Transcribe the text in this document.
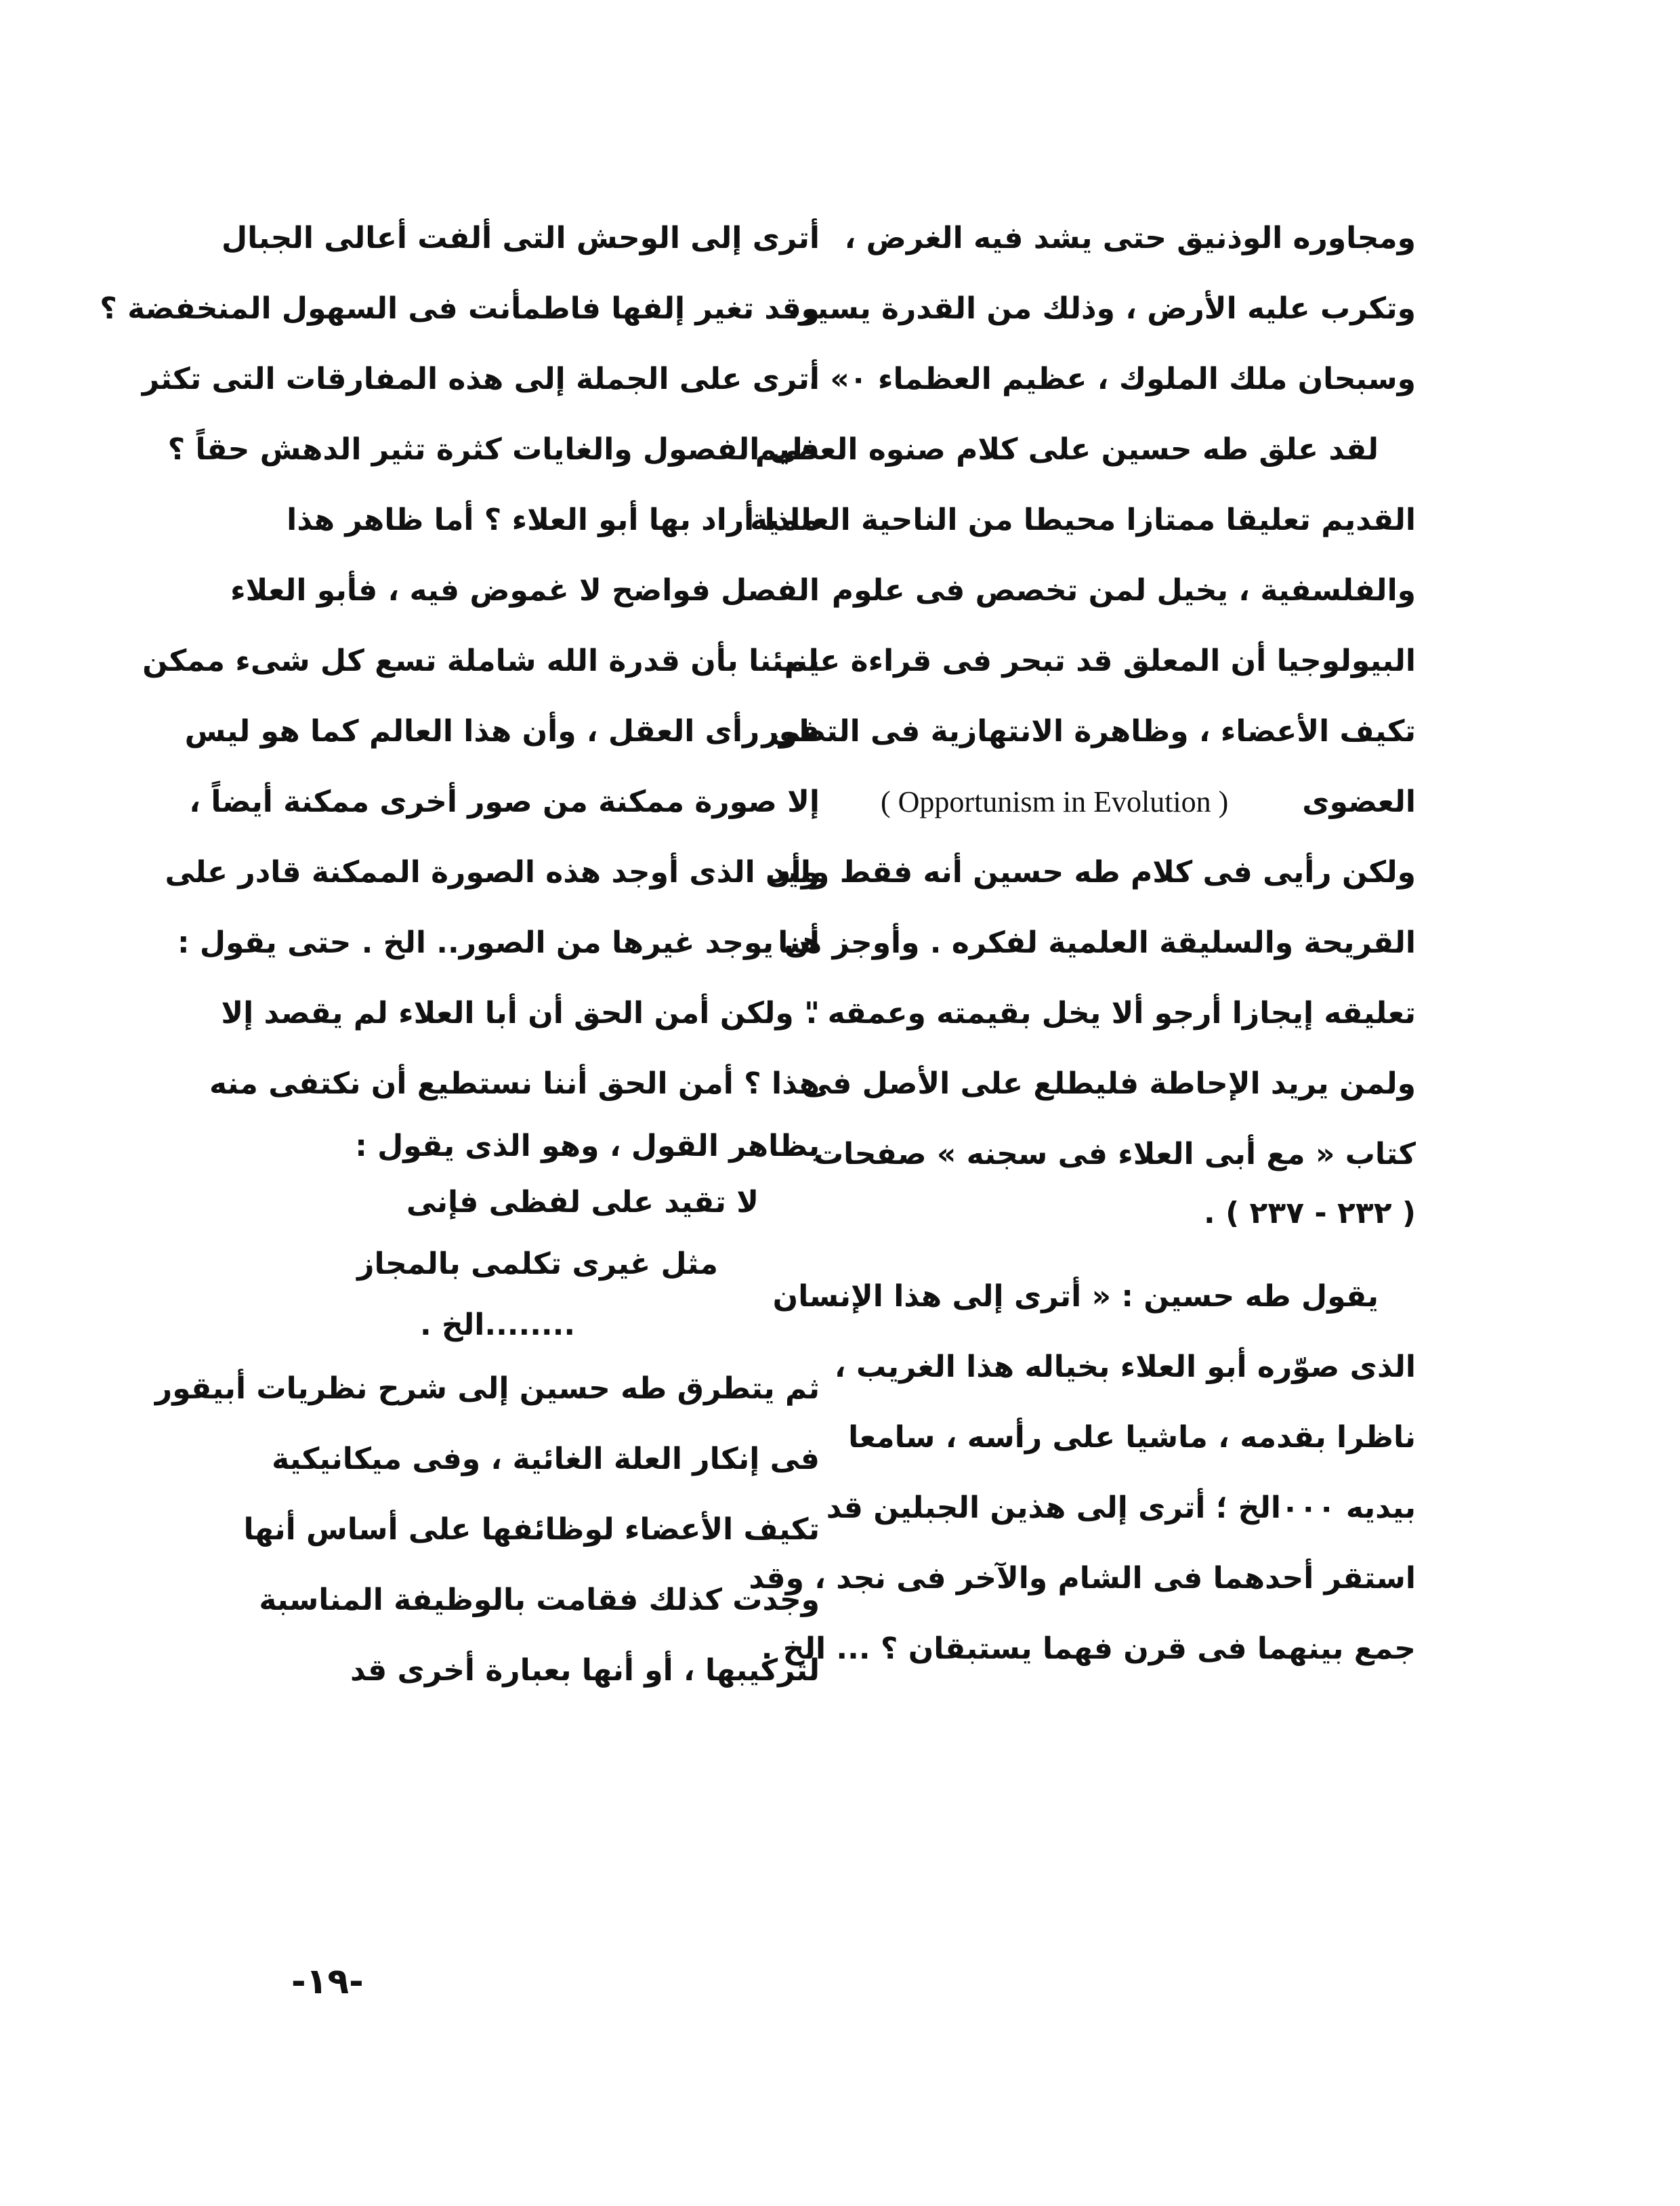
ومجاوره الوذنيق حتى يشد فيه الغرض ،
وتكرب عليه الأرض ، وذلك من القدرة يسير،
وسبحان ملك الملوك ، عظيم العظماء ٠» .
لقد علق طه حسين على كلام صنوه العظيم
القديم تعليقا ممتازا محيطا من الناحية العلمية
والفلسفية ، يخيل لمن تخصص فى علوم
البيولوجيا أن المعلق قد تبحر فى قراءة علم
تكيف الأعضاء ، وظاهرة الانتهازية فى التطور
العضوى
( Opportunism in Evolution )
ولكن رأيى فى كلام طه حسين أنه فقط وليد
القريحة والسليقة العلمية لفكره . وأوجز هنا
تعليقه إيجازا أرجو ألا يخل بقيمته وعمقه .
ولمن يريد الإحاطة فليطلع على الأصل فى
كتاب « مع أبى العلاء فى سجنه » صفحات
( ٢٣٢ - ٢٣٧ ) .
يقول طه حسين : « أترى إلى هذا الإنسان
الذى صوّره أبو العلاء بخياله هذا الغريب ،
ناظرا بقدمه ، ماشيا على رأسه ، سامعا
بيديه ٠٠٠الخ ؛ أترى إلى هذين الجبلين قد
استقر أحدهما فى الشام والآخر فى نجد ، وقد
جمع بينهما فى قرن فهما يستبقان ؟ ... الخ .
أترى إلى الوحش التى ألفت أعالى الجبال
وقد تغير إلفها فاطمأنت فى السهول المنخفضة ؟
أترى على الجملة إلى هذه المفارقات التى تكثر
فى الفصول والغايات كثرة تثير الدهش حقاً ؟
ماذا أراد بها أبو العلاء ؟ أما ظاهر هذا
الفصل فواضح لا غموض فيه ، فأبو العلاء
ينبئنا بأن قدرة الله شاملة تسع كل شىء ممكن
فى رأى العقل ، وأن هذا العالم كما هو ليس
إلا صورة ممكنة من صور أخرى ممكنة أيضاً ،
وأن الذى أوجد هذه الصورة الممكنة قادر على
أن يوجد غيرها من الصور.. الخ . حتى يقول :
" ولكن أمن الحق أن أبا العلاء لم يقصد إلا
هذا ؟ أمن الحق أننا نستطيع أن نكتفى منه
بظاهر القول ، وهو الذى يقول :
لا تقيد على لفظى فإنى
مثل غيرى تكلمى بالمجاز
........الخ .
ثم يتطرق طه حسين إلى شرح نظريات أبيقور
فى إنكار العلة الغائية ، وفى ميكانيكية
تكيف الأعضاء لوظائفها على أساس أنها
وجدت كذلك فقامت بالوظيفة المناسبة
لتركيبها ، أو أنها بعبارة أخرى قد
-١٩-
